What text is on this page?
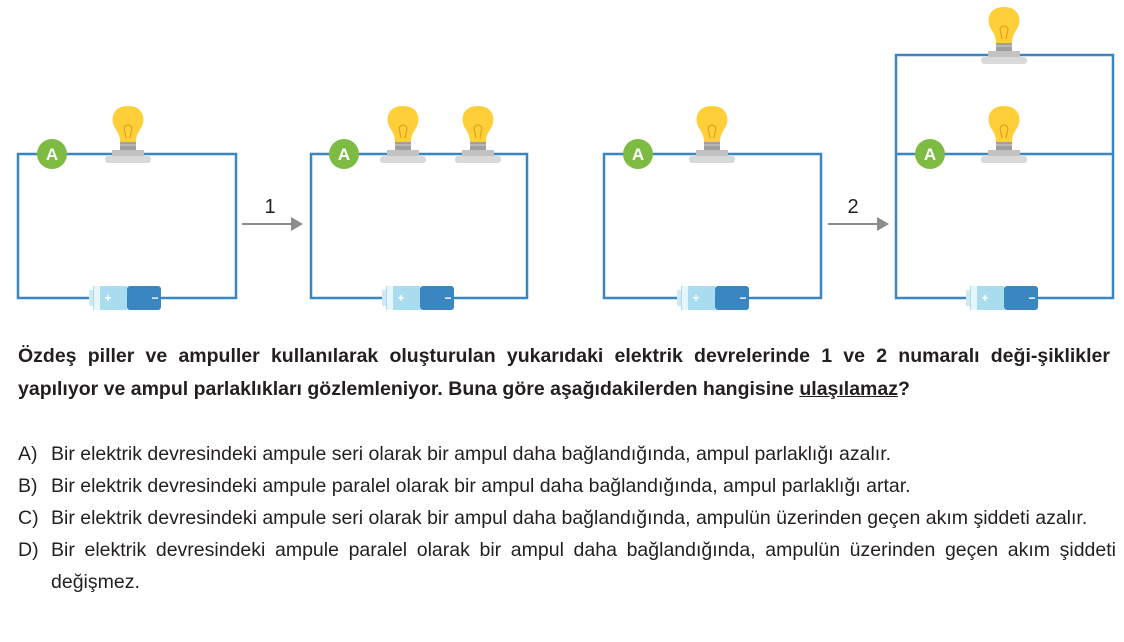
+	−
A
1
+	−
A
+	−
A
2
+	−
A

Özdeş piller ve ampuller kullanılarak oluşturulan yukarıdaki elektrik devrelerinde 1 ve 2 numaralı deği-şiklikler yapılıyor ve ampul parlaklıkları gözlemleniyor. Buna göre aşağıdakilerden hangisine ulaşılamaz?

A) Bir elektrik devresindeki ampule seri olarak bir ampul daha bağlandığında, ampul parlaklığı azalır.
B) Bir elektrik devresindeki ampule paralel olarak bir ampul daha bağlandığında, ampul parlaklığı artar.
C) Bir elektrik devresindeki ampule seri olarak bir ampul daha bağlandığında, ampulün üzerinden geçen akım şiddeti azalır.
D) Bir elektrik devresindeki ampule paralel olarak bir ampul daha bağlandığında, ampulün üzerinden geçen akım şiddeti değişmez.
